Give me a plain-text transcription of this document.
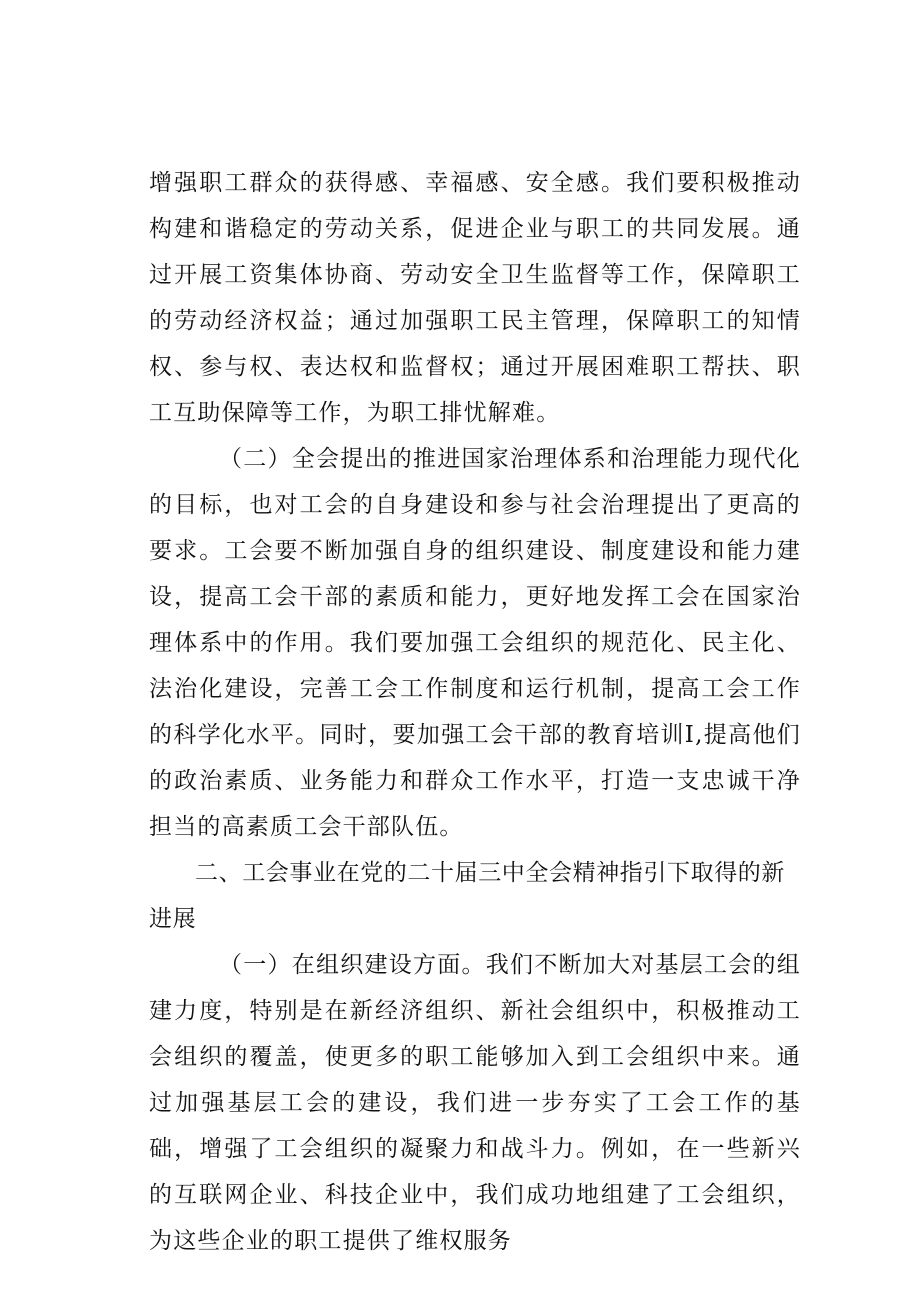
增强职工群众的获得感、幸福感、安全感。我们要积极推动构建和谐稳定的劳动关系，促进企业与职工的共同发展。通过开展工资集体协商、劳动安全卫生监督等工作，保障职工的劳动经济权益；通过加强职工民主管理，保障职工的知情权、参与权、表达权和监督权；通过开展困难职工帮扶、职工互助保障等工作，为职工排忧解难。

（二）全会提出的推进国家治理体系和治理能力现代化的目标，也对工会的自身建设和参与社会治理提出了更高的要求。工会要不断加强自身的组织建设、制度建设和能力建设，提高工会干部的素质和能力，更好地发挥工会在国家治理体系中的作用。我们要加强工会组织的规范化、民主化、法治化建设，完善工会工作制度和运行机制，提高工会工作的科学化水平。同时，要加强工会干部的教育培训I,提高他们的政治素质、业务能力和群众工作水平，打造一支忠诚干净担当的高素质工会干部队伍。

二、工会事业在党的二十届三中全会精神指引下取得的新进展

（一）在组织建设方面。我们不断加大对基层工会的组建力度，特别是在新经济组织、新社会组织中，积极推动工会组织的覆盖，使更多的职工能够加入到工会组织中来。通过加强基层工会的建设，我们进一步夯实了工会工作的基础，增强了工会组织的凝聚力和战斗力。例如，在一些新兴的互联网企业、科技企业中，我们成功地组建了工会组织，为这些企业的职工提供了维权服务
